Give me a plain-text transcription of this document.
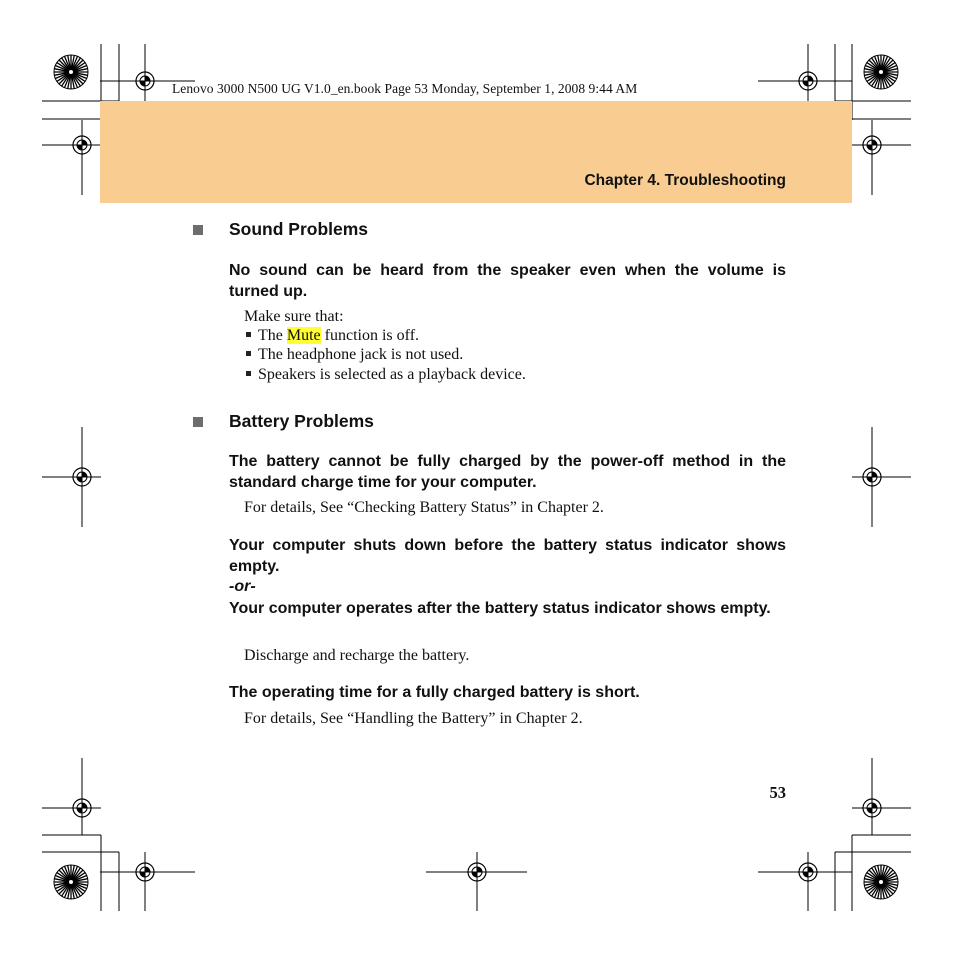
Lenovo 3000 N500 UG V1.0_en.book Page 53 Monday, September 1, 2008 9:44 AM
Chapter 4. Troubleshooting
Sound Problems
No sound can be heard from the speaker even when the volume is turned up.
Make sure that:
The Mute function is off.
The headphone jack is not used.
Speakers is selected as a playback device.
Battery Problems
The battery cannot be fully charged by the power-off method in the standard charge time for your computer.
For details, See “Checking Battery Status” in Chapter 2.
Your computer shuts down before the battery status indicator shows empty.
-or-
Your computer operates after the battery status indicator shows empty.
Discharge and recharge the battery.
The operating time for a fully charged battery is short.
For details, See “Handling the Battery” in Chapter 2.
53
